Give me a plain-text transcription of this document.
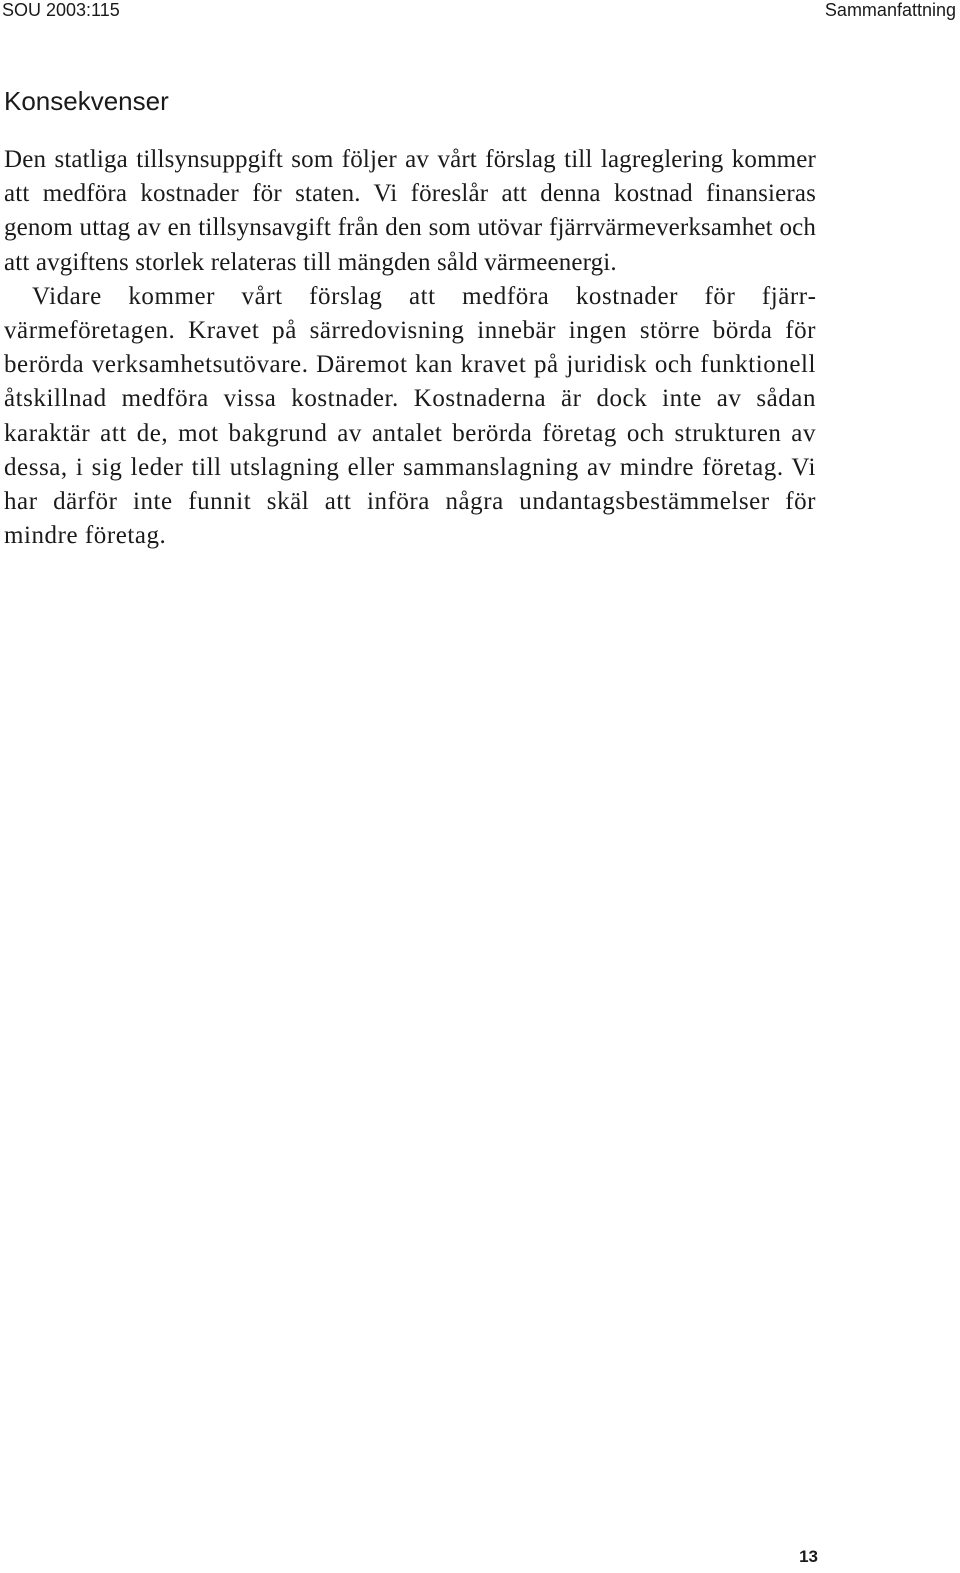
SOU 2003:115	Sammanfattning
Konsekvenser

Den statliga tillsynsuppgift som följer av vårt förslag till lagreglering kommer att medföra kostnader för staten. Vi föreslår att denna kostnad finansieras genom uttag av en tillsynsavgift från den som utövar fjärrvärmeverksamhet och att avgiftens storlek relateras till mängden såld värmeenergi.

Vidare kommer vårt förslag att medföra kostnader för fjärrvärmeföretagen. Kravet på särredovisning innebär ingen större börda för berörda verksamhetsutövare. Däremot kan kravet på juridisk och funktionell åtskillnad medföra vissa kostnader. Kostnaderna är dock inte av sådan karaktär att de, mot bakgrund av antalet berörda företag och strukturen av dessa, i sig leder till utslagning eller sammanslagning av mindre företag. Vi har därför inte funnit skäl att införa några undantagsbestämmelser för mindre företag.

13
